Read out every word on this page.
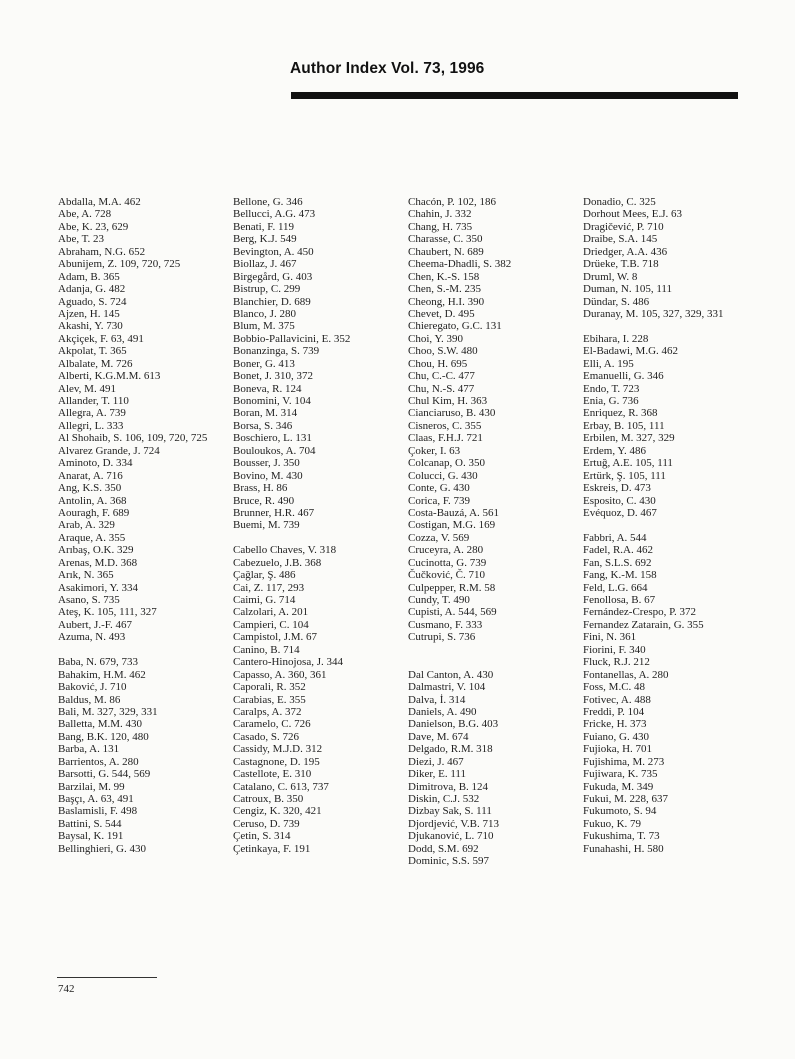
Author Index Vol. 73, 1996
Abdalla, M.A. 462
Abe, A. 728
Abe, K. 23, 629
Abe, T. 23
Abraham, N.G. 652
Abunijem, Z. 109, 720, 725
Adam, B. 365
Adanja, G. 482
Aguado, S. 724
Ajzen, H. 145
Akashi, Y. 730
Akçiçek, F. 63, 491
Akpolat, T. 365
Albalate, M. 726
Alberti, K.G.M.M. 613
Alev, M. 491
Allander, T. 110
Allegra, A. 739
Allegri, L. 333
Al Shohaib, S. 106, 109, 720, 725
Alvarez Grande, J. 724
Aminoto, D. 334
Anarat, A. 716
Ang, K.S. 350
Antolin, A. 368
Aouragh, F. 689
Arab, A. 329
Araque, A. 355
Arıbaş, O.K. 329
Arenas, M.D. 368
Arık, N. 365
Asakimori, Y. 334
Asano, S. 735
Ateş, K. 105, 111, 327
Aubert, J.-F. 467
Azuma, N. 493
Baba, N. 679, 733
Bahakim, H.M. 462
Baković, J. 710
Baldus, M. 86
Bali, M. 327, 329, 331
Balletta, M.M. 430
Bang, B.K. 120, 480
Barba, A. 131
Barrientos, A. 280
Barsotti, G. 544, 569
Barzilai, M. 99
Başçı, A. 63, 491
Baslamisli, F. 498
Battini, S. 544
Baysal, K. 191
Bellinghieri, G. 430
Bellone, G. 346
Bellucci, A.G. 473
Benati, F. 119
Berg, K.J. 549
Bevington, A. 450
Biollaz, J. 467
Birgegård, G. 403
Bistrup, C. 299
Blanchier, D. 689
Blanco, J. 280
Blum, M. 375
Bobbio-Pallavicini, E. 352
Bonanzinga, S. 739
Boner, G. 413
Bonet, J. 310, 372
Boneva, R. 124
Bonomini, V. 104
Boran, M. 314
Borsa, S. 346
Boschiero, L. 131
Bouloukos, A. 704
Bousser, J. 350
Bovino, M. 430
Brass, H. 86
Bruce, R. 490
Brunner, H.R. 467
Buemi, M. 739
Cabello Chaves, V. 318
Cabezuelo, J.B. 368
Çağlar, Ş. 486
Cai, Z. 117, 293
Caimi, G. 714
Calzolari, A. 201
Campieri, C. 104
Campistol, J.M. 67
Canino, B. 714
Cantero-Hinojosa, J. 344
Capasso, A. 360, 361
Caporali, R. 352
Carabias, E. 355
Caralps, A. 372
Caramelo, C. 726
Casado, S. 726
Cassidy, M.J.D. 312
Castagnone, D. 195
Castellote, E. 310
Catalano, C. 613, 737
Catroux, B. 350
Cengiz, K. 320, 421
Ceruso, D. 739
Çetin, S. 314
Çetinkaya, F. 191
Chacón, P. 102, 186
Chahin, J. 332
Chang, H. 735
Charasse, C. 350
Chaubert, N. 689
Cheema-Dhadli, S. 382
Chen, K.-S. 158
Chen, S.-M. 235
Cheong, H.I. 390
Chevet, D. 495
Chieregato, G.C. 131
Choi, Y. 390
Choo, S.W. 480
Chou, H. 695
Chu, C.-C. 477
Chu, N.-S. 477
Chul Kim, H. 363
Cianciaruso, B. 430
Cisneros, C. 355
Claas, F.H.J. 721
Çoker, I. 63
Colcanap, O. 350
Colucci, G. 430
Conte, G. 430
Corica, F. 739
Costa-Bauzá, A. 561
Costigan, M.G. 169
Cozza, V. 569
Cruceyra, A. 280
Cucinotta, G. 739
Čučković, Č. 710
Culpepper, R.M. 58
Cundy, T. 490
Cupisti, A. 544, 569
Cusmano, F. 333
Cutrupi, S. 736
Dal Canton, A. 430
Dalmastri, V. 104
Dalva, İ. 314
Daniels, A. 490
Danielson, B.G. 403
Dave, M. 674
Delgado, R.M. 318
Diezi, J. 467
Diker, E. 111
Dimitrova, B. 124
Diskin, C.J. 532
Dizbay Sak, S. 111
Djordjević, V.B. 713
Djukanović, L. 710
Dodd, S.M. 692
Dominic, S.S. 597
Donadio, C. 325
Dorhout Mees, E.J. 63
Dragičević, P. 710
Draibe, S.A. 145
Driedger, A.A. 436
Drüeke, T.B. 718
Druml, W. 8
Duman, N. 105, 111
Dündar, S. 486
Duranay, M. 105, 327, 329, 331
Ebihara, I. 228
El-Badawi, M.G. 462
Elli, A. 195
Emanuelli, G. 346
Endo, T. 723
Enia, G. 736
Enriquez, R. 368
Erbay, B. 105, 111
Erbilen, M. 327, 329
Erdem, Y. 486
Ertuğ, A.E. 105, 111
Ertürk, Ş. 105, 111
Eskreis, D. 473
Esposito, C. 430
Evéquoz, D. 467
Fabbri, A. 544
Fadel, R.A. 462
Fan, S.L.S. 692
Fang, K.-M. 158
Feld, L.G. 664
Fenollosa, B. 67
Fernández-Crespo, P. 372
Fernandez Zatarain, G. 355
Fini, N. 361
Fiorini, F. 340
Fluck, R.J. 212
Fontanellas, A. 280
Foss, M.C. 48
Fotivec, A. 488
Freddi, P. 104
Fricke, H. 373
Fuiano, G. 430
Fujioka, H. 701
Fujishima, M. 273
Fujiwara, K. 735
Fukuda, M. 349
Fukui, M. 228, 637
Fukumoto, S. 94
Fukuo, K. 79
Fukushima, T. 73
Funahashi, H. 580
742
